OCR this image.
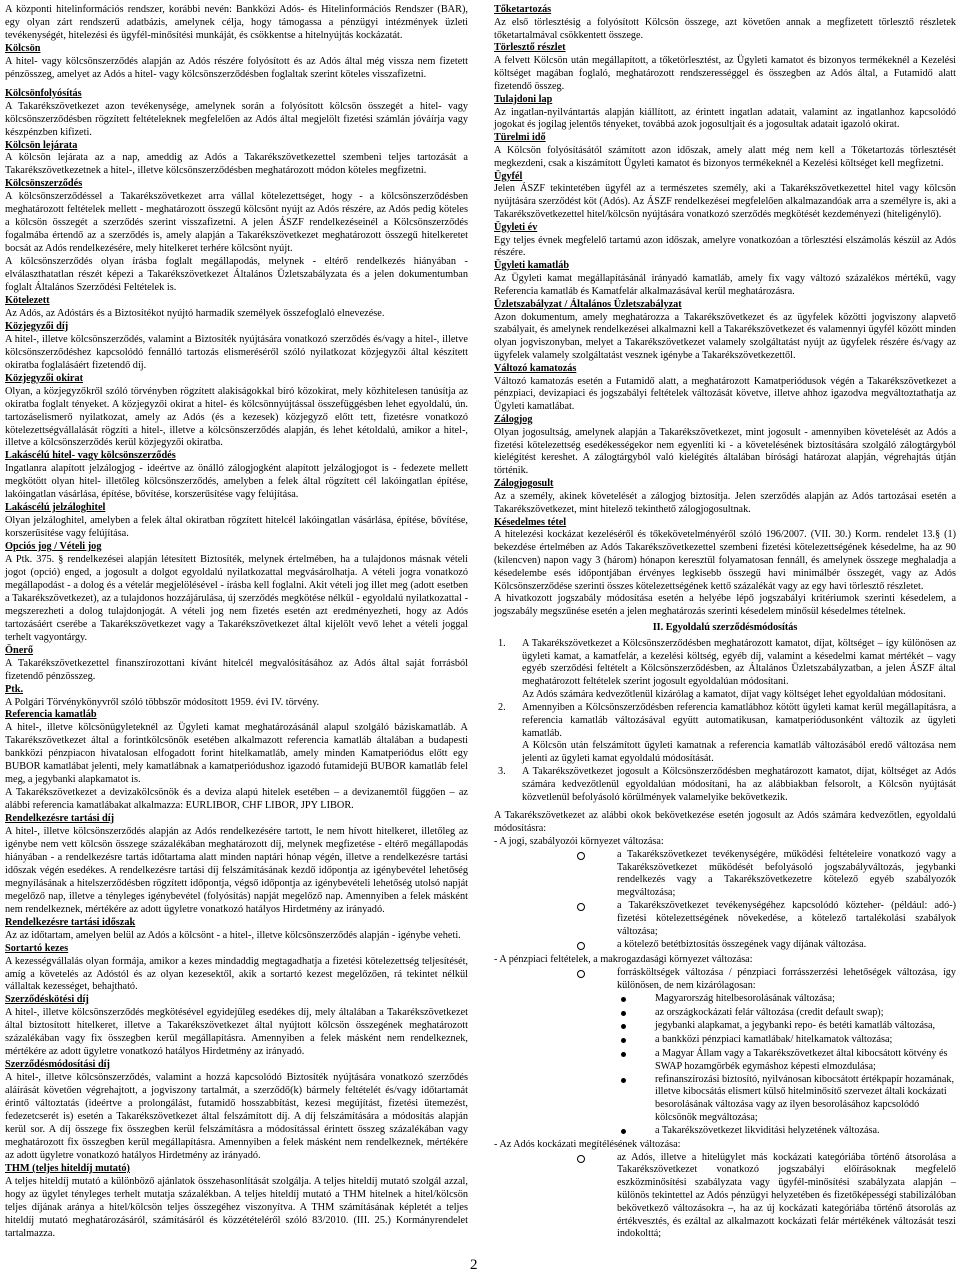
A központi hitelinformációs rendszer, korábbi nevén: Bankközi Adós- és Hitelinformációs Rendszer (BAR), egy olyan zárt rendszerű adatbázis, amelynek célja, hogy támogassa a pénzügyi intézmények üzleti tevékenységét, hitelezési és ügyfél-minősítési munkáját, és csökkentse a hitelnyújtás kockázatát.
Kölcsön
A hitel- vagy kölcsönszerződés alapján az Adós részére folyósított és az Adós által még vissza nem fizetett pénzösszeg, amelyet az Adós a hitel- vagy kölcsönszerződésben foglaltak szerint köteles visszafizetni.
Kölcsönfolyósítás
A Takarékszövetkezet azon tevékenysége, amelynek során a folyósított kölcsön összegét a hitel- vagy kölcsönszerződésben rögzített feltételeknek megfelelően az Adós által megjelölt fizetési számlán jóváírja vagy készpénzben kifizeti.
Kölcsön lejárata
A kölcsön lejárata az a nap, ameddig az Adós a Takarékszövetkezettel szembeni teljes tartozását a Takarékszövetkezetnek a hitel-, illetve kölcsönszerződésben meghatározott módon köteles megfizetni.
Kölcsönszerződés
A kölcsönszerződéssel a Takarékszövetkezet arra vállal kötelezettséget, hogy - a kölcsönszerződésben meghatározott feltételek mellett - meghatározott összegű kölcsönt nyújt az Adós részére, az Adós pedig köteles a kölcsön összegét a szerződés szerint visszafizetni. A jelen ÁSZF rendelkezéseinél a Kölcsönszerződés fogalmába értendő az a szerződés is, amely alapján a Takarékszövetkezet meghatározott összegű hitelkeretet bocsát az Adós rendelkezésére, mely hitelkeret terhére kölcsönt nyújt.
A kölcsönszerződés olyan írásba foglalt megállapodás, melynek - eltérő rendelkezés hiányában - elválaszthatatlan részét képezi a Takarékszövetkezet Általános Üzletszabályzata és a jelen dokumentumban foglalt Általános Szerződési Feltételek is.
Kötelezett
Az Adós, az Adóstárs és a Biztosítékot nyújtó harmadik személyek összefoglaló elnevezése.
Közjegyzői díj
A hitel-, illetve kölcsönszerződés, valamint a Biztosíték nyújtására vonatkozó szerződés és/vagy a hitel-, illetve kölcsönszerződéshez kapcsolódó fennálló tartozás elismeréséről szóló nyilatkozat közjegyzői által készített okiratba foglalásáért fizetendő díj.
Közjegyzői okirat
Olyan, a közjegyzőkről szóló törvényben rögzített alakiságokkal bíró közokirat, mely közhitelesen tanúsítja az okiratba foglalt tényeket. A közjegyzői okirat a hitel- és kölcsönnyújtással összefüggésben lehet egyoldalú, ún. tartozáselismerő nyilatkozat, amely az Adós (és a kezesek) közjegyző előtt tett, fizetésre vonatkozó kötelezettségvállalását rögzíti a hitel-, illetve a kölcsönszerződés alapján, és lehet kétoldalú, amikor a hitel-, illetve a kölcsönszerződés kerül közjegyzői okiratba.
Lakáscélú hitel- vagy kölcsönszerződés
Ingatlanra alapított jelzálogjog - ideértve az önálló zálogjogként alapított jelzálogjogot is - fedezete mellett megkötött olyan hitel- illetőleg kölcsönszerződés, amelyben a felek által rögzített cél lakóingatlan építése, lakóingatlan vásárlása, építése, bővítése, korszerűsítése vagy felújítása.
Lakáscélú jelzáloghitel
Olyan jelzáloghitel, amelyben a felek által okiratban rögzített hitelcél lakóingatlan vásárlása, építése, bővítése, korszerűsítése vagy felújítása.
Opciós jog / Vételi jog
A Ptk. 375. § rendelkezései alapján létesített Biztosíték, melynek értelmében, ha a tulajdonos másnak vételi jogot (opció) enged, a jogosult a dolgot egyoldalú nyilatkozattal megvásárolhatja. A vételi jogra vonatkozó megállapodást - a dolog és a vételár megjelölésével - írásba kell foglalni. Akit vételi jog illet meg (adott esetben a Takarékszövetkezet), az a tulajdonos hozzájárulása, új szerződés megkötése nélkül - egyoldalú nyilatkozattal - megszerezheti a dolog tulajdonjogát. A vételi jog nem fizetés esetén azt eredményezheti, hogy az Adós tartozásáért cserébe a Takarékszövetkezet vagy a Takarékszövetkezet által kijelölt vevő lehet a vételi joggal terhelt vagyontárgy.
Önerő
A Takarékszövetkezettel finanszírozottani kívánt hitelcél megvalósításához az Adós által saját forrásból fizetendő pénzösszeg.
Ptk.
A Polgári Törvénykönyvről szóló többször módosított 1959. évi IV. törvény.
Referencia kamatláb
A hitel-, illetve kölcsönügyleteknél az Ügyleti kamat meghatározásánál alapul szolgáló báziskamatláb. A Takarékszövetkezet által a forintkölcsönök esetében alkalmazott referencia kamatláb általában a budapesti bankközi pénzpiacon hivatalosan elfogadott forint hitelkamatláb, amely minden Kamatperiódus előtt egy BUBOR kamatlábat jelenti, mely kamatlábnak a kamatperiódushoz igazodó futamidejű BUBOR kamatláb felel meg, a jegybanki alapkamatot is.
A Takarékszövetkezet a devizakölcsönök és a deviza alapú hitelek esetében – a devizanemtől függően – az alábbi referencia kamatlábakat alkalmazza: EURLIBOR, CHF LIBOR, JPY LIBOR.
Rendelkezésre tartási díj
A hitel-, illetve kölcsönszerződés alapján az Adós rendelkezésére tartott, le nem hívott hitelkeret, illetőleg az igénybe nem vett kölcsön összege százalékában meghatározott díj, melynek megfizetése - eltérő megállapodás hiányában - a rendelkezésre tartás időtartama alatt minden naptári hónap végén, illetve a rendelkezésre tartási időszak végén esedékes. A rendelkezésre tartási díj felszámításának kezdő időpontja az igénybevétel lehetőség megnyílásának a hitelszerződésben rögzített időpontja, végső időpontja az igénybevételi lehetőség utolsó napját megelőző nap, illetve a tényleges igénybevétel (folyósítás) napját megelőző nap. Amennyiben a felek másként nem rendelkeznek, mértékére az adott ügyletre vonatkozó hatályos Hirdetmény az irányadó.
Rendelkezésre tartási időszak
Az az időtartam, amelyen belül az Adós a kölcsönt - a hitel-, illetve kölcsönszerződés alapján - igénybe veheti.
Sortartó kezes
A kezességvállalás olyan formája, amikor a kezes mindaddig megtagadhatja a fizetési kötelezettség teljesítését, amíg a követelés az Adóstól és az olyan kezesektől, akik a sortartó kezest megelőzően, rá tekintet nélkül vállaltak kezességet, behajtható.
Szerződéskötési díj
A hitel-, illetve kölcsönszerződés megkötésével egyidejűleg esedékes díj, mely általában a Takarékszövetkezet által biztosított hitelkeret, illetve a Takarékszövetkezet által nyújtott kölcsön összegének meghatározott százalékában vagy fix összegben kerül megállapításra. Amennyiben a felek másként nem rendelkeznek, mértékére az adott ügyletre vonatkozó hatályos Hirdetmény az irányadó.
Szerződésmódosítási díj
A hitel-, illetve kölcsönszerződés, valamint a hozzá kapcsolódó Biztosíték nyújtására vonatkozó szerződés aláírását követően végrehajtott, a jogviszony tartalmát, a szerződő(k) bármely feltételét és/vagy időtartamát érintő változtatás (ideértve a prolongálást, futamidő hosszabbítást, kezesi megújítást, fizetési ütemezést, fedezetcserét is) esetén a Takarékszövetkezet által felszámított díj. A díj felszámítására a módosítás alapján kerül sor. A díj összege fix összegben kerül felszámításra a módosítással érintett összeg százalékában vagy meghatározott fix összegben kerül megállapításra. Amennyiben a felek másként nem rendelkeznek, mértékére az adott ügyletre vonatkozó hatályos Hirdetmény az irányadó.
THM (teljes hiteldíj mutató)
A teljes hiteldíj mutató a különböző ajánlatok összehasonlítását szolgálja. A teljes hiteldíj mutató szolgál azzal, hogy az ügylet tényleges terhelt mutatja százalékban. A teljes hiteldíj mutató a THM hitelnek a hitel/kölcsön teljes díjának aránya a hitel/kölcsön teljes összegéhez viszonyítva. A THM számításának képletét a teljes hiteldíj mutató meghatározásáról, számításáról és közzétételéről szóló 83/2010. (III. 25.) Kormányrendelet tartalmazza.
Tőketartozás
Az első törlesztésig a folyósított Kölcsön összege, azt követően annak a megfizetett törlesztő részletek tőketartalmával csökkentett összege.
Törlesztő részlet
A felvett Kölcsön után megállapított, a tőketörlesztést, az Ügyleti kamatot és bizonyos termékeknél a Kezelési költséget magában foglaló, meghatározott rendszerességgel és összegben az Adós által, a Futamidő alatt fizetendő összeg.
Tulajdoni lap
Az ingatlan-nyilvántartás alapján kiállított, az érintett ingatlan adatait, valamint az ingatlanhoz kapcsolódó jogokat és jogilag jelentős tényeket, továbbá azok jogosultjait és a jogosultak adatait igazoló okirat.
Türelmi idő
A Kölcsön folyósításától számított azon időszak, amely alatt még nem kell a Tőketartozás törlesztését megkezdeni, csak a kiszámított Ügyleti kamatot és bizonyos termékeknél a Kezelési költséget kell megfizetni.
Ügyfél
Jelen ÁSZF tekintetében ügyfél az a természetes személy, aki a Takarékszövetkezettel hitel vagy kölcsön nyújtására szerződést köt (Adós). Az ÁSZF rendelkezései megfelelően alkalmazandóak arra a személyre is, aki a Takarékszövetkezettel hitel/kölcsön nyújtására vonatkozó szerződés megkötését kezdeményezi (hiteligénylő).
Ügyleti év
Egy teljes évnek megfelelő tartamú azon időszak, amelyre vonatkozóan a törlesztési elszámolás készül az Adós részére.
Ügyleti kamatláb
Az Ügyleti kamat megállapításánál irányadó kamatláb, amely fix vagy változó százalékos mértékű, vagy Referencia kamatláb és Kamatfelár alkalmazásával kerül meghatározásra.
Üzletszabályzat / Általános Üzletszabályzat
Azon dokumentum, amely meghatározza a Takarékszövetkezet és az ügyfelek közötti jogviszony alapvető szabályait, és amelynek rendelkezései alkalmazni kell a Takarékszövetkezet és valamennyi ügyfél között minden olyan jogviszonyban, melyet a Takarékszövetkezet valamely szolgáltatást nyújt az ügyfelek részére és/vagy az ügyfelek valamely szolgáltatást vesznek igénybe a Takarékszövetkezettől.
Változó kamatozás
Változó kamatozás esetén a Futamidő alatt, a meghatározott Kamatperiódusok végén a Takarékszövetkezet a pénzpiaci, devizapiaci és jogszabályi feltételek változását követve, illetve ahhoz igazodva megváltoztathatja az Ügyleti kamatlábat.
Zálogjog
Olyan jogosultság, amelynek alapján a Takarékszövetkezet, mint jogosult - amennyiben követelését az Adós a fizetési kötelezettség esedékességekor nem egyenlíti ki - a követelésének biztosítására szolgáló zálogtárgyból kielégítést kereshet. A zálogtárgyból való kielégítés általában bírósági határozat alapján, végrehajtás útján történik.
Zálogjogosult
Az a személy, akinek követelését a zálogjog biztosítja. Jelen szerződés alapján az Adós tartozásai esetén a Takarékszövetkezet, mint hitelező tekinthető zálogjogosultnak.
Késedelmes tétel
A hitelezési kockázat kezeléséről és tőkekövetelményéről szóló 196/2007. (VII. 30.) Korm. rendelet 13.§ (1) bekezdése értelmében az Adós Takarékszövetkezettel szembeni fizetési kötelezettségének késedelme, ha az 90 (kilencven) napon vagy 3 (három) hónapon keresztül folyamatosan fennáll, és amelynek összege meghaladja a késedelembe esés időpontjában érvényes legkisebb összegű havi minimálbér összegét, vagy az Adós Kölcsönszerződése szerinti összes kötelezettségének kettő százalékát vagy az egy havi törlesztő részletet.
A hivatkozott jogszabály módosítása esetén a helyébe lépő jogszabályi kritériumok szerinti késedelem, a jogszabály megszűnése esetén a jelen meghatározás szerinti késedelem minősül késedelmes tételnek.
II. Egyoldalú szerződésmódosítás
1.	A Takarékszövetkezet a Kölcsönszerződésben meghatározott kamatot, díjat, költséget – így különösen az ügyleti kamat, a kamatfelár, a kezelési költség, egyéb díj, valamint a késedelmi kamat mértékét – vagy egyéb szerződési feltételt a Kölcsönszerződésben, az Általános Üzletszabályzatban, a jelen ÁSZF által meghatározott feltételek szerint jogosult egyoldalúan módosítani.
Az Adós számára kedvezőtlenül kizárólag a kamatot, díjat vagy költséget lehet egyoldalúan módosítani.
2.	Amennyiben a Kölcsönszerződésben referencia kamatlábhoz kötött ügyleti kamat kerül megállapításra, a referencia kamatláb változásával együtt automatikusan, kamatperiódusonként változik az ügyleti kamatláb.
A Kölcsön után felszámított ügyleti kamatnak a referencia kamatláb változásából eredő változása nem jelenti az ügyleti kamat egyoldalú módosítását.
3.	A Takarékszövetkezet jogosult a Kölcsönszerződésben meghatározott kamatot, díjat, költséget az Adós számára kedvezőtlenül egyoldalúan módosítani, ha az alábbiakban felsorolt, a Kölcsön nyújtását közvetlenül befolyásoló körülmények valamelyike bekövetkezik.
A Takarékszövetkezet az alábbi okok bekövetkezése esetén jogosult az Adós számára kedvezőtlen, egyoldalú módosításra:
- A jogi, szabályozói környezet változása:
a Takarékszövetkezet tevékenységére, működési feltételeire vonatkozó vagy a Takarékszövetkezet működését befolyásoló jogszabályváltozás, jegybanki rendelkezés vagy a Takarékszövetkezetre kötelező egyéb szabályozók megváltozása;
a Takarékszövetkezet tevékenységéhez kapcsolódó közteher- (például: adó-) fizetési kötelezettségének növekedése, a kötelező tartalékolási szabályok változása;
a kötelező betétbiztosítás összegének vagy díjának változása.
- A pénzpiaci feltételek, a makrogazdasági környezet változása:
forrásköltségek változása / pénzpiaci forrásszerzési lehetőségek változása, így különösen, de nem kizárólagosan:
Magyarország hitelbesorolásának változása;
az országkockázati felár változása (credit default swap);
jegybanki alapkamat, a jegybanki repo- és betéti kamatláb változása,
a bankközi pénzpiaci kamatlábak/ hitelkamatok változása;
a Magyar Állam vagy a Takarékszövetkezet által kibocsátott kötvény és SWAP hozamgörbék egymáshoz képesti elmozdulása;
refinanszírozási biztosító, nyilvánosan kibocsátott értékpapír hozamának, illetve kibocsátás elismert külső hitelminősítő szervezet általi kockázati besorolásának változása vagy az ilyen besorolásához kapcsolódó kölcsönök megváltozása;
a Takarékszövetkezet likviditási helyzetének változása.
- Az Adós kockázati megítélésének változása:
az Adós, illetve a hitelügylet más kockázati kategóriába történő átsorolása a Takarékszövetkezet vonatkozó jogszabályi előírásoknak megfelelő eszközminősítési szabályzata vagy ügyfél-minősítési szabályzata alapján – különös tekintettel az Adós pénzügyi helyzetében és fizetőképességi stabilizálóban bekövetkező változásokra –, ha az új kockázati kategóriába történő átsorolás az értékvesztés, és ezáltal az alkalmazott kockázati felár mértékének változását teszi indokolttá;
2
